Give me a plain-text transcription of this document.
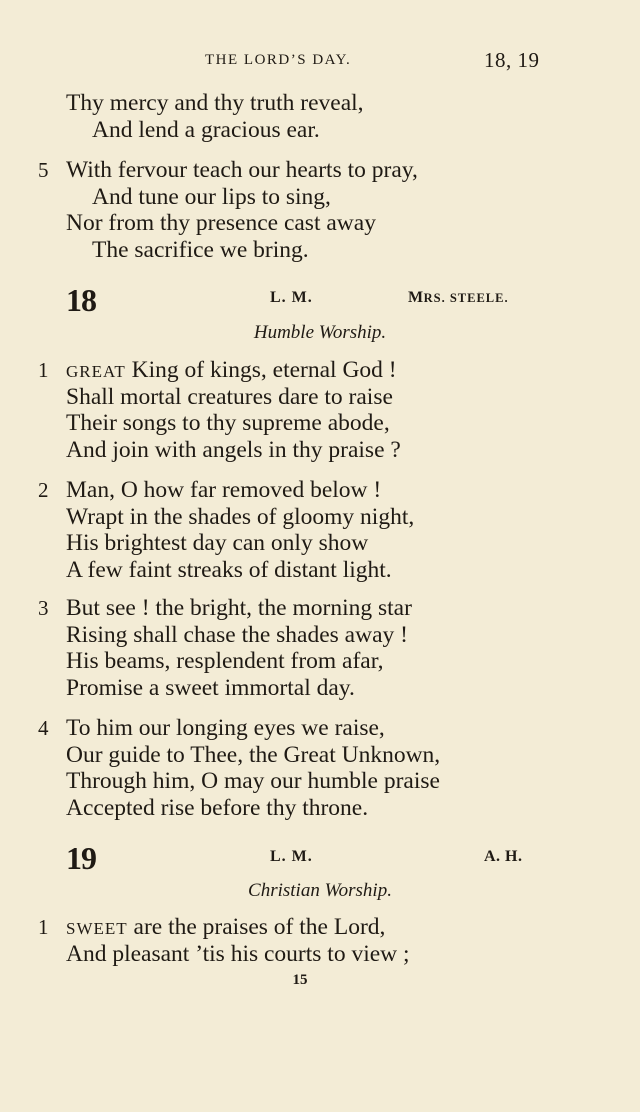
THE LORD’S DAY.	18, 19
Thy mercy and thy truth reveal,
And lend a gracious ear.
5 With fervour teach our hearts to pray,
And tune our lips to sing,
Nor from thy presence cast away
The sacrifice we bring.
18	L. M.	MRS. STEELE.
Humble Worship.
1 GREAT King of kings, eternal God !
Shall mortal creatures dare to raise
Their songs to thy supreme abode,
And join with angels in thy praise ?
2 Man, O how far removed below !
Wrapt in the shades of gloomy night,
His brightest day can only show
A few faint streaks of distant light.
3 But see ! the bright, the morning star
Rising shall chase the shades away !
His beams, resplendent from afar,
Promise a sweet immortal day.
4 To him our longing eyes we raise,
Our guide to Thee, the Great Unknown,
Through him, O may our humble praise
Accepted rise before thy throne.
19	L. M.	A. H.
Christian Worship.
1 SWEET are the praises of the Lord,
And pleasant ’tis his courts to view ;
15
